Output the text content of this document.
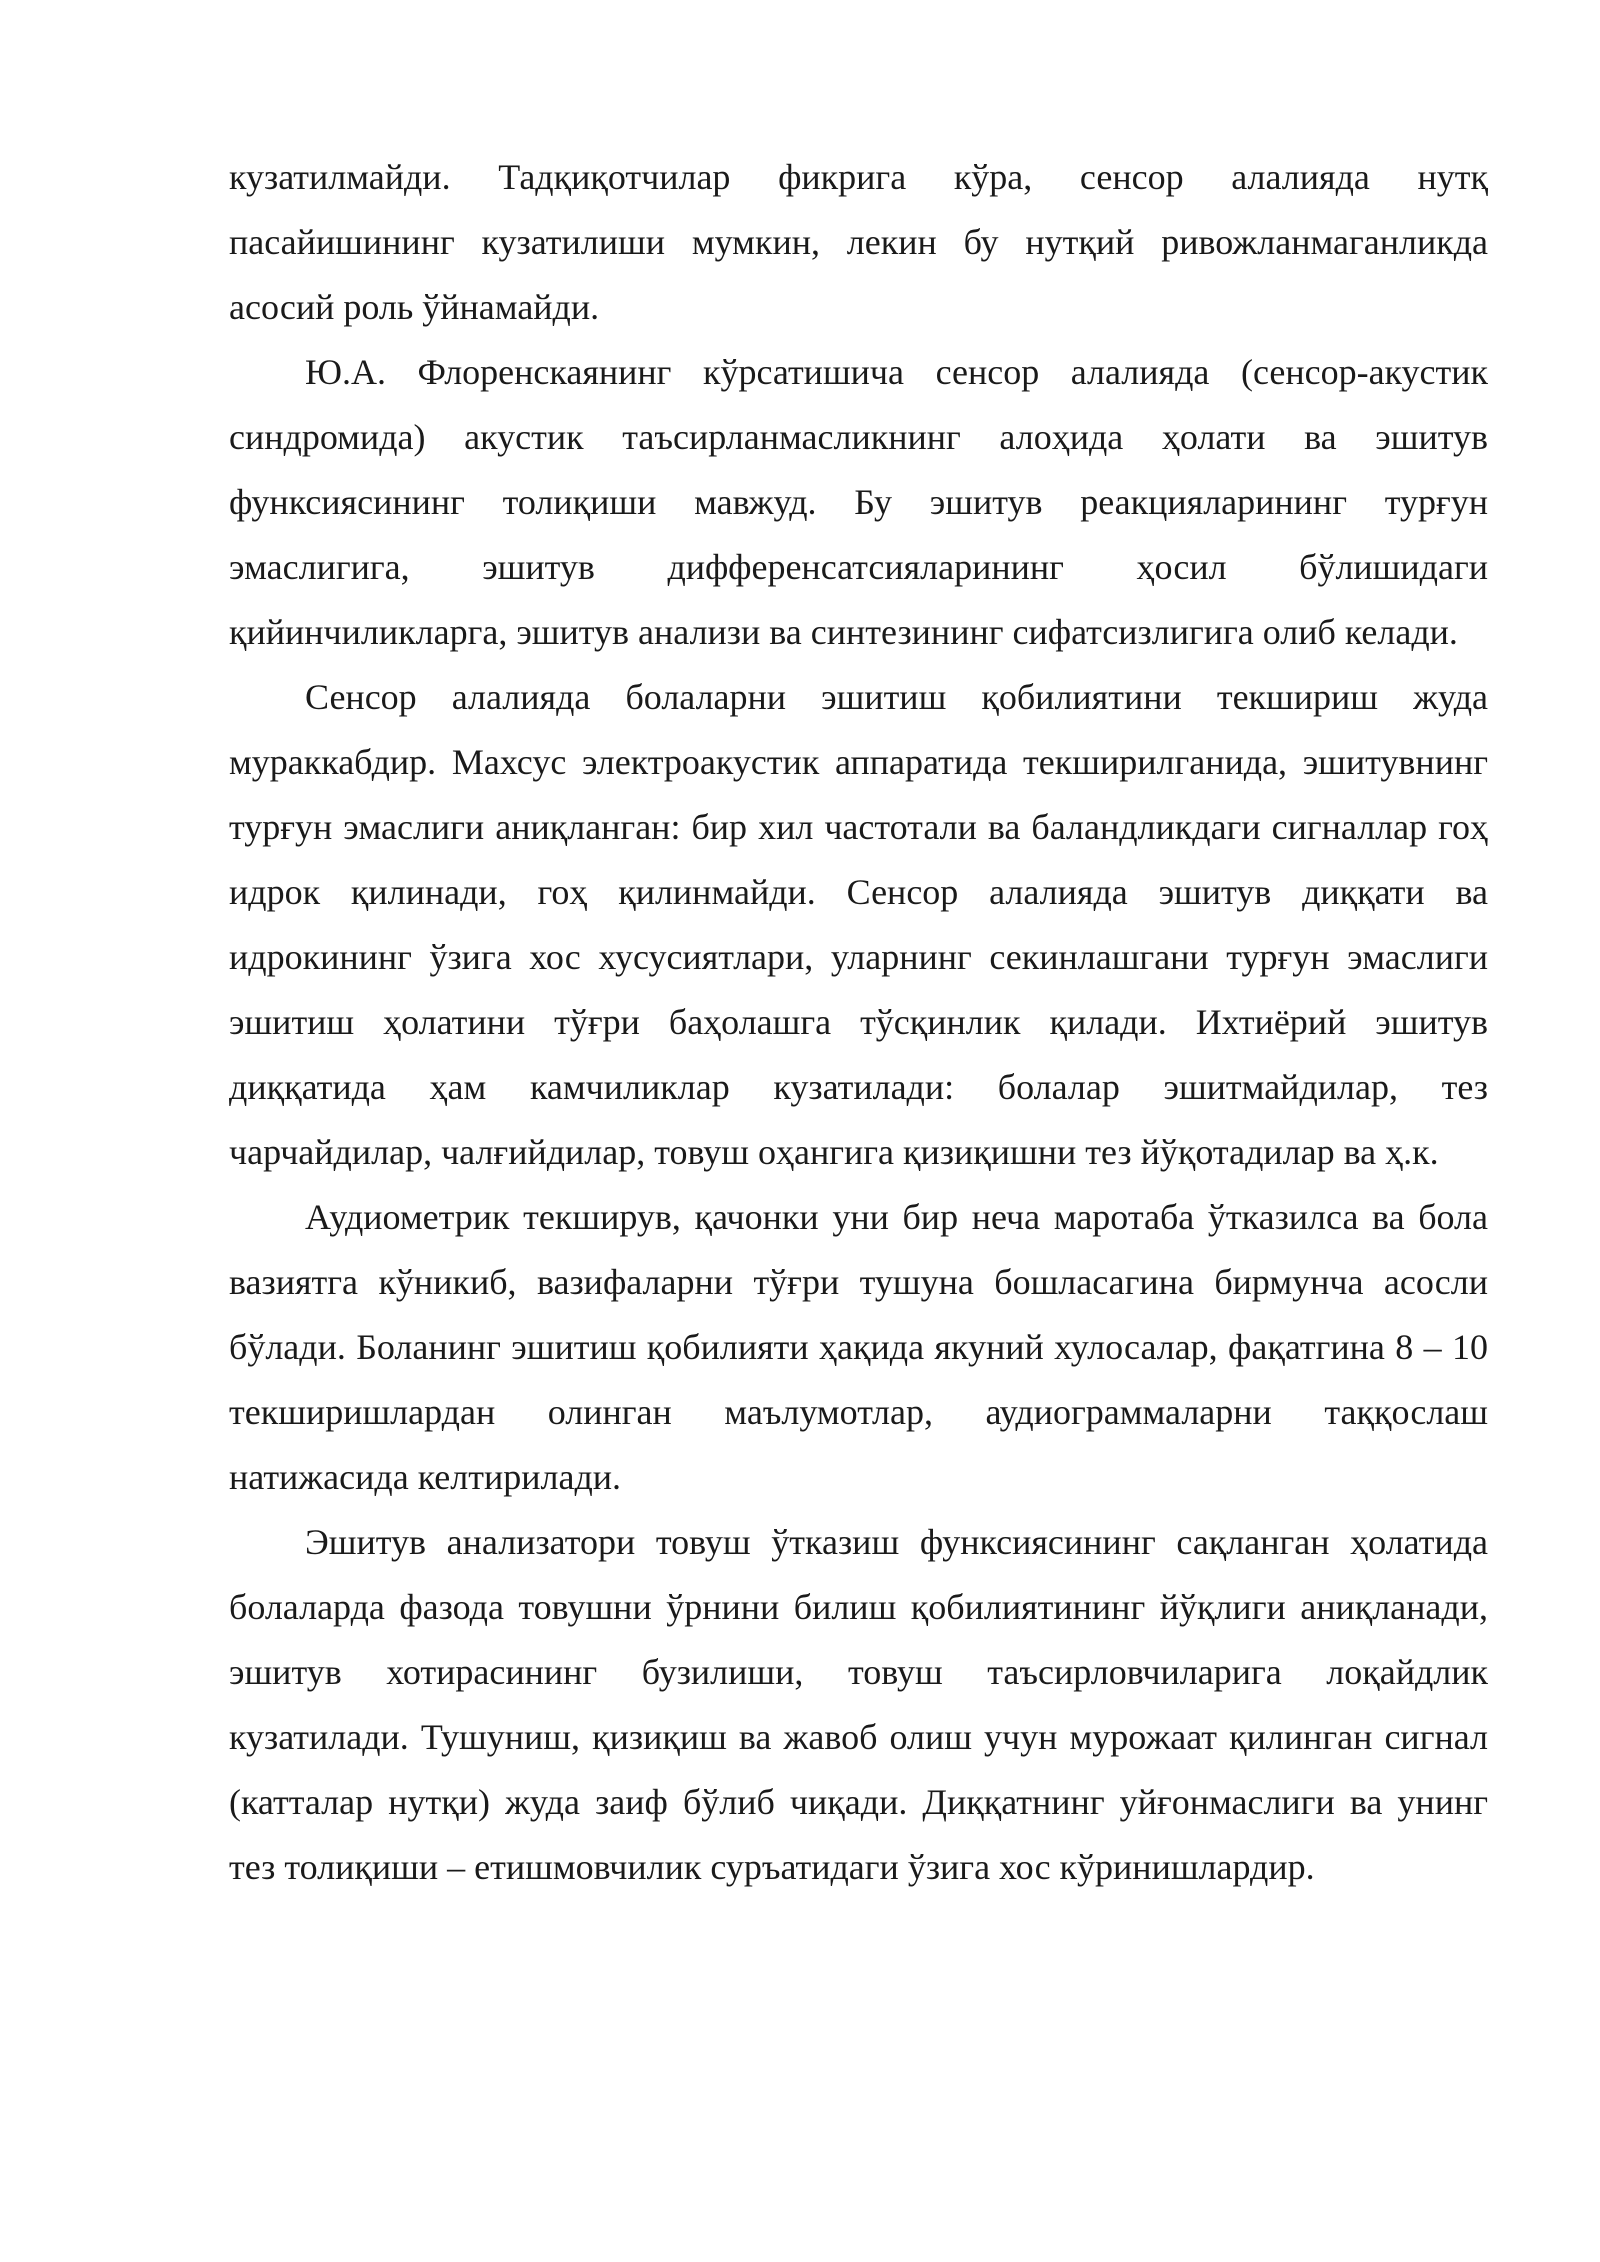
кузатилмайди. Тадқиқотчилар фикрига кўра, сенсор алалияда нутқ пасайишининг кузатилиши мумкин, лекин бу нутқий ривожланмаганликда асосий роль ўйнамайди.

Ю.А. Флоренскаянинг кўрсатишича сенсор алалияда (сенсор-акустик синдромида) акустик таъсирланмасликнинг алоҳида ҳолати ва эшитув функсиясининг толиқиши мавжуд. Бу эшитув реакцияларининг турғун эмаслигига, эшитув дифференсатсияларининг ҳосил бўлишидаги қийинчиликларга, эшитув анализи ва синтезининг сифатсизлигига олиб келади.

Сенсор алалияда болаларни эшитиш қобилиятини текшириш жуда мураккабдир. Махсус электроакустик аппаратида текширилганида, эшитувнинг турғун эмаслиги аниқланган: бир хил частотали ва баландликдаги сигналлар гоҳ идрок қилинади, гоҳ қилинмайди. Сенсор алалияда эшитув диққати ва идрокининг ўзига хос хусусиятлари, уларнинг секинлашгани турғун эмаслиги эшитиш ҳолатини тўғри баҳолашга тўсқинлик қилади. Ихтиёрий эшитув диққатида ҳам камчиликлар кузатилади: болалар эшитмайдилар, тез чарчайдилар, чалғийдилар, товуш оҳангига қизиқишни тез йўқотадилар ва ҳ.к.

Аудиометрик текширув, қачонки уни бир неча маротаба ўтказилса ва бола вазиятга кўникиб, вазифаларни тўғри тушуна бошласагина бирмунча асосли бўлади. Боланинг эшитиш қобилияти ҳақида якуний хулосалар, фақатгина 8 – 10 текширишлардан олинган маълумотлар, аудиограммаларни таққослаш натижасида келтирилади.

Эшитув анализатори товуш ўтказиш функсиясининг сақланган ҳолатида болаларда фазода товушни ўрнини билиш қобилиятининг йўқлиги аниқланади, эшитув хотирасининг бузилиши, товуш таъсирловчиларига лоқайдлик кузатилади. Тушуниш, қизиқиш ва жавоб олиш учун мурожаат қилинган сигнал (катталар нутқи) жуда заиф бўлиб чиқади. Диққатнинг уйғонмаслиги ва унинг тез толиқиши – етишмовчилик суръатидаги ўзига хос кўринишлардир.
